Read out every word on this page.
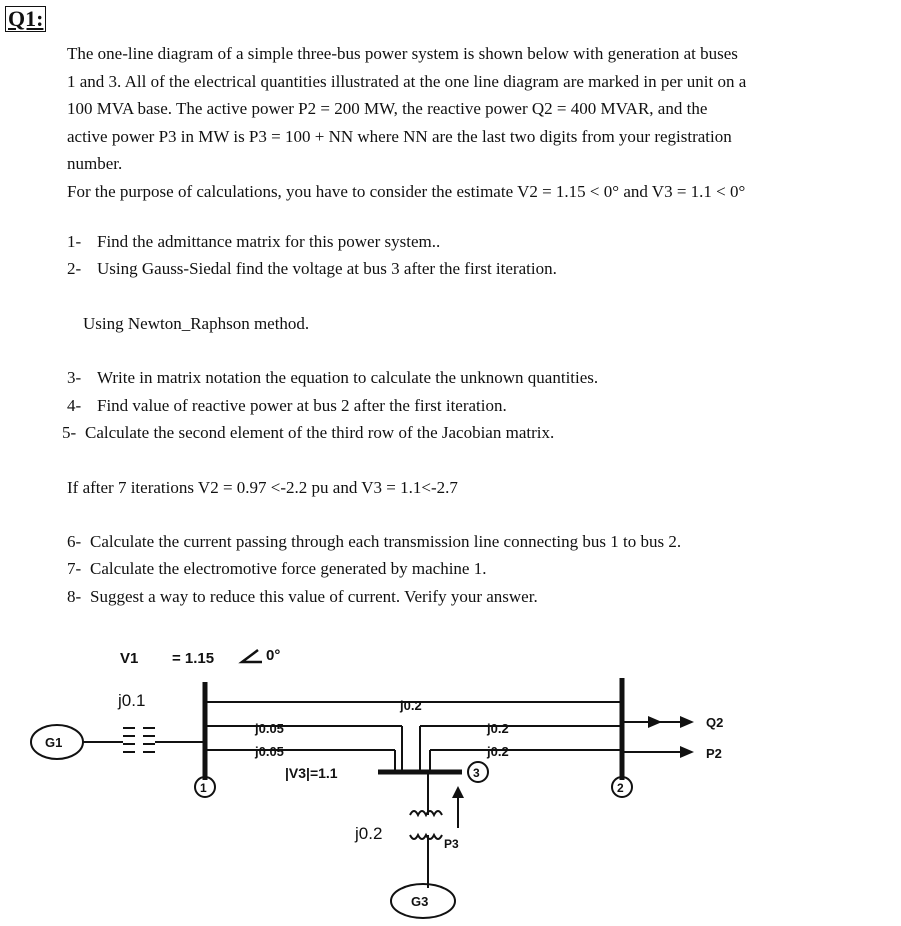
Q1:
The one-line diagram of a simple three-bus power system is shown below with generation at buses
1 and 3. All of the electrical quantities illustrated at the one line diagram are marked in per unit on a
100 MVA base. The active power P2 = 200 MW, the reactive power Q2 = 400 MVAR, and the
active power P3 in MW is P3 = 100 + NN where NN are the last two digits from your registration
number.
For the purpose of calculations, you have to consider the estimate V2 = 1.15 < 0° and V3 = 1.1 < 0°
1- Find the admittance matrix for this power system..
2- Using Gauss-Siedal find the voltage at bus 3 after the first iteration.
Using Newton_Raphson method.
3- Write in matrix notation the equation to calculate the unknown quantities.
4- Find value of reactive power at bus 2 after the first iteration.
5- Calculate the second element of the third row of the Jacobian matrix.
If after 7 iterations V2 = 0.97 <-2.2 pu and V3 = 1.1<-2.7
6- Calculate the current passing through each transmission line connecting bus 1 to bus 2.
7- Calculate the electromotive force generated by machine 1.
8- Suggest a way to reduce this value of current. Verify your answer.
V1 = 1.15	0°
j0.1
G1
j0.2
j0.05
j0.05
|V3|=1.1
j0.2
j0.2
Q2
P2
1	2
3
j0.2
P3
G3
